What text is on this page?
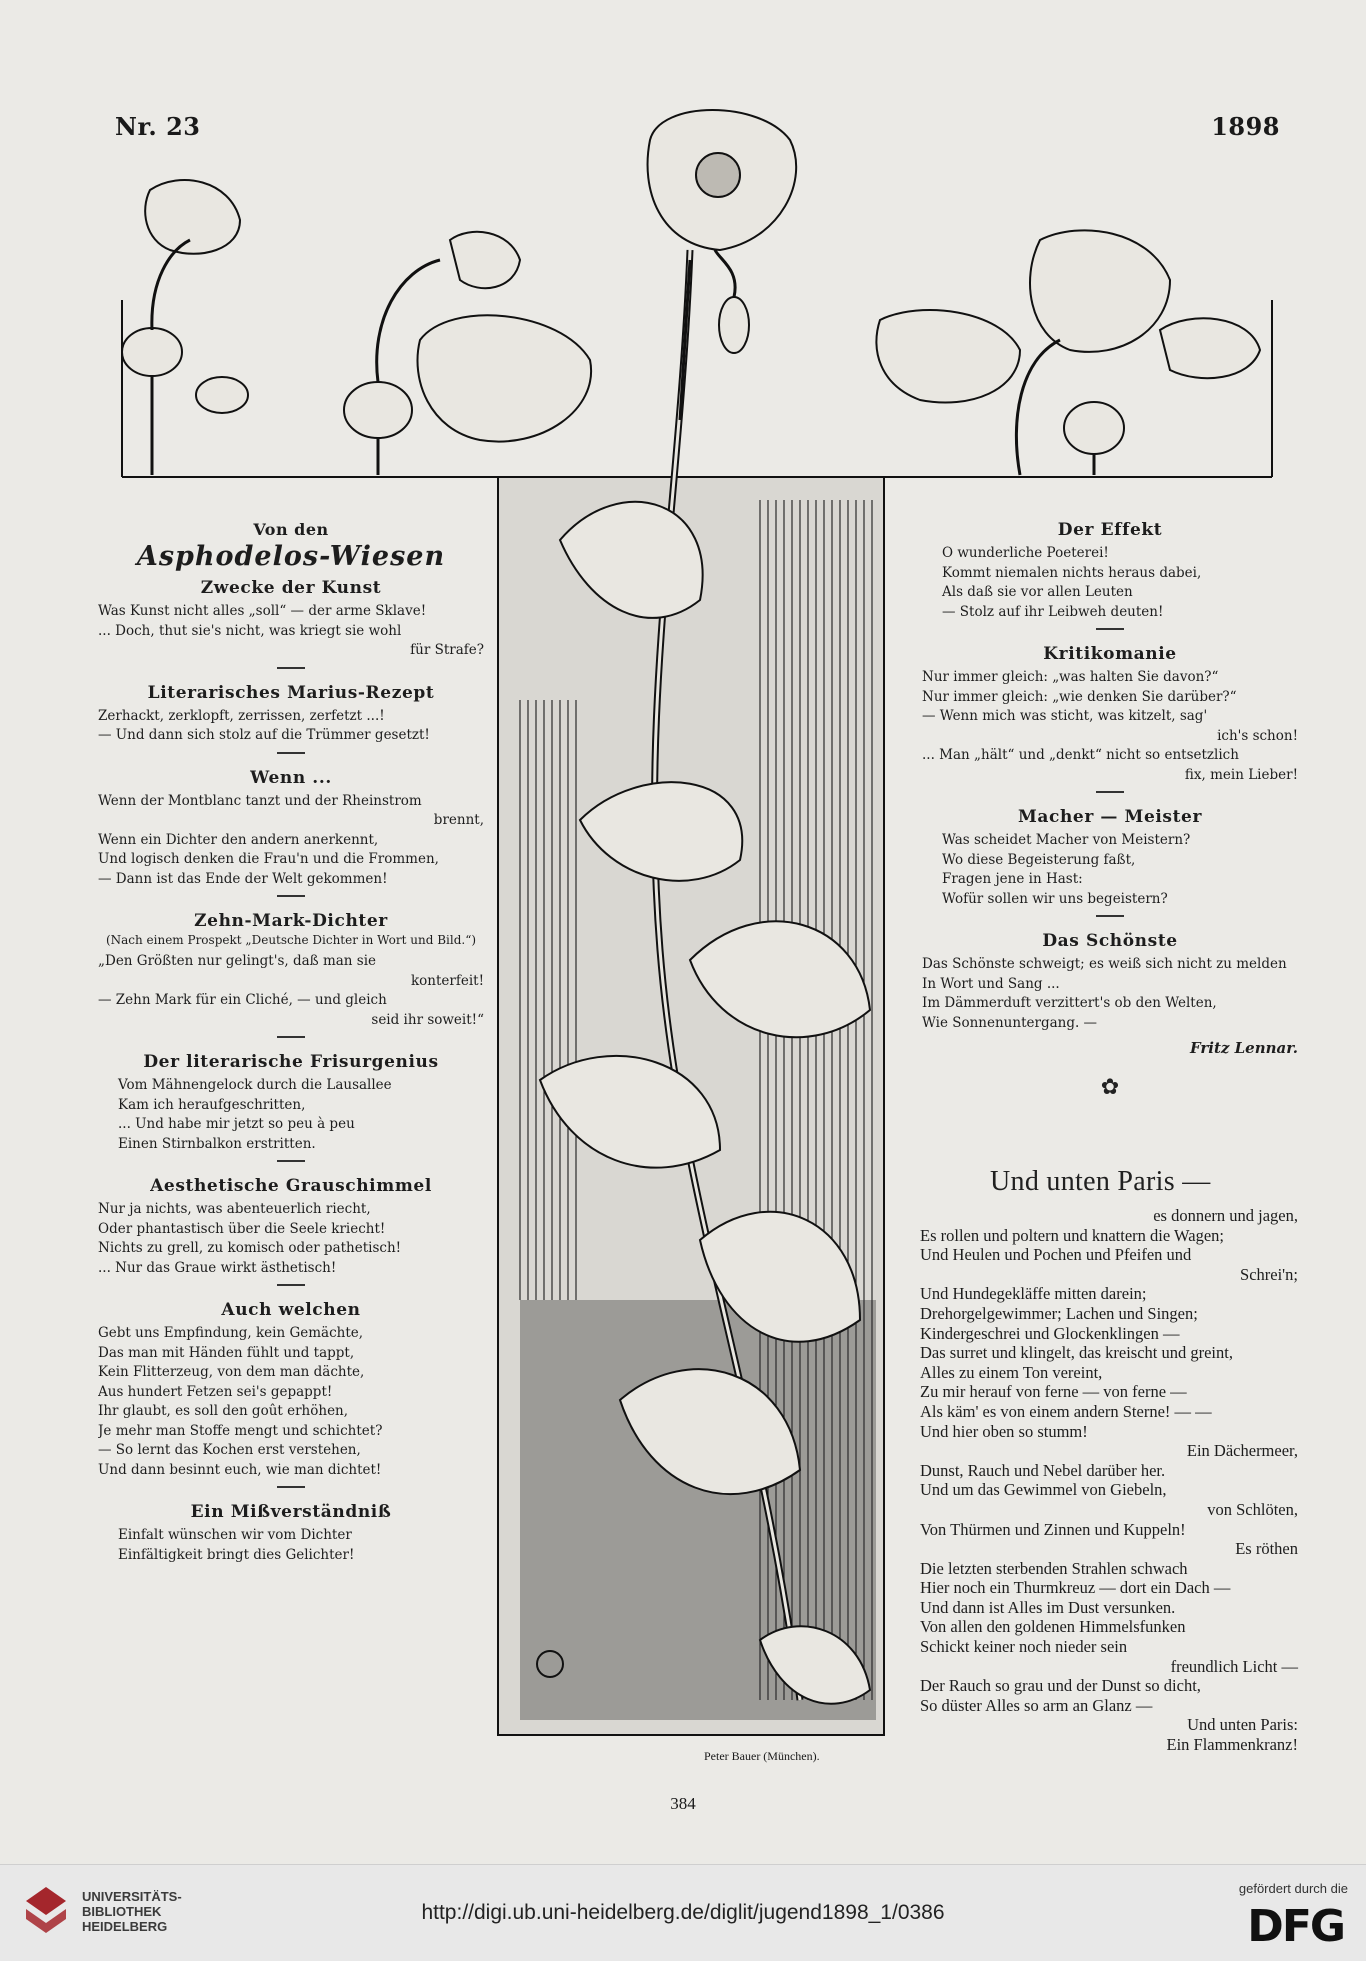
Nr. 23	1898
Von den
Asphodelos-Wiesen
Zwecke der Kunst
Was Kunst nicht alles „soll“ — der arme Sklave!
... Doch, thut sie's nicht, was kriegt sie wohl
für Strafe?
Literarisches Marius-Rezept
Zerhackt, zerklopft, zerrissen, zerfetzt ...!
— Und dann sich stolz auf die Trümmer gesetzt!
Wenn ...
Wenn der Montblanc tanzt und der Rheinstrom
brennt,
Wenn ein Dichter den andern anerkennt,
Und logisch denken die Frau'n und die Frommen,
— Dann ist das Ende der Welt gekommen!
Zehn-Mark-Dichter
(Nach einem Prospekt „Deutsche Dichter in Wort und Bild.“)
„Den Größten nur gelingt's, daß man sie
konterfeit!
— Zehn Mark für ein Cliché, — und gleich
seid ihr soweit!“
Der literarische Frisurgenius
Vom Mähnengelock durch die Lausallee
Kam ich heraufgeschritten,
... Und habe mir jetzt so peu à peu
Einen Stirnbalkon erstritten.
Aesthetische Grauschimmel
Nur ja nichts, was abenteuerlich riecht,
Oder phantastisch über die Seele kriecht!
Nichts zu grell, zu komisch oder pathetisch!
... Nur das Graue wirkt ästhetisch!
Auch welchen
Gebt uns Empfindung, kein Gemächte,
Das man mit Händen fühlt und tappt,
Kein Flitterzeug, von dem man dächte,
Aus hundert Fetzen sei's gepappt!
Ihr glaubt, es soll den goût erhöhen,
Je mehr man Stoffe mengt und schichtet?
— So lernt das Kochen erst verstehen,
Und dann besinnt euch, wie man dichtet!
Ein Mißverständniß
Einfalt wünschen wir vom Dichter
Einfältigkeit bringt dies Gelichter!
Der Effekt
O wunderliche Poeterei!
Kommt niemalen nichts heraus dabei,
Als daß sie vor allen Leuten
— Stolz auf ihr Leibweh deuten!
Kritikomanie
Nur immer gleich: „was halten Sie davon?“
Nur immer gleich: „wie denken Sie darüber?“
— Wenn mich was sticht, was kitzelt, sag'
ich's schon!
... Man „hält“ und „denkt“ nicht so entsetzlich
fix, mein Lieber!
Macher — Meister
Was scheidet Macher von Meistern?
Wo diese Begeisterung faßt,
Fragen jene in Hast:
Wofür sollen wir uns begeistern?
Das Schönste
Das Schönste schweigt; es weiß sich nicht zu melden
In Wort und Sang ...
Im Dämmerduft verzittert's ob den Welten,
Wie Sonnenuntergang. —
Fritz Lennar.
✿
Und unten Paris —
es donnern und jagen,
Es rollen und poltern und knattern die Wagen;
Und Heulen und Pochen und Pfeifen und
Schrei'n;
Und Hundegekläffe mitten darein;
Drehorgelgewimmer; Lachen und Singen;
Kindergeschrei und Glockenklingen —
Das surret und klingelt, das kreischt und greint,
Alles zu einem Ton vereint,
Zu mir herauf von ferne — von ferne —
Als käm' es von einem andern Sterne! — —
Und hier oben so stumm!
Ein Dächermeer,
Dunst, Rauch und Nebel darüber her.
Und um das Gewimmel von Giebeln,
von Schlöten,
Von Thürmen und Zinnen und Kuppeln!
Es röthen
Die letzten sterbenden Strahlen schwach
Hier noch ein Thurmkreuz — dort ein Dach —
Und dann ist Alles im Dust versunken.
Von allen den goldenen Himmelsfunken
Schickt keiner noch nieder sein
freundlich Licht —
Der Rauch so grau und der Dunst so dicht,
So düster Alles so arm an Glanz —
Und unten Paris:
Ein Flammenkranz!
Peter Bauer (München).
384
UNIVERSITÄTS-
BIBLIOTHEK
HEIDELBERG
http://digi.ub.uni-heidelberg.de/diglit/jugend1898_1/0386
gefördert durch die
DFG
